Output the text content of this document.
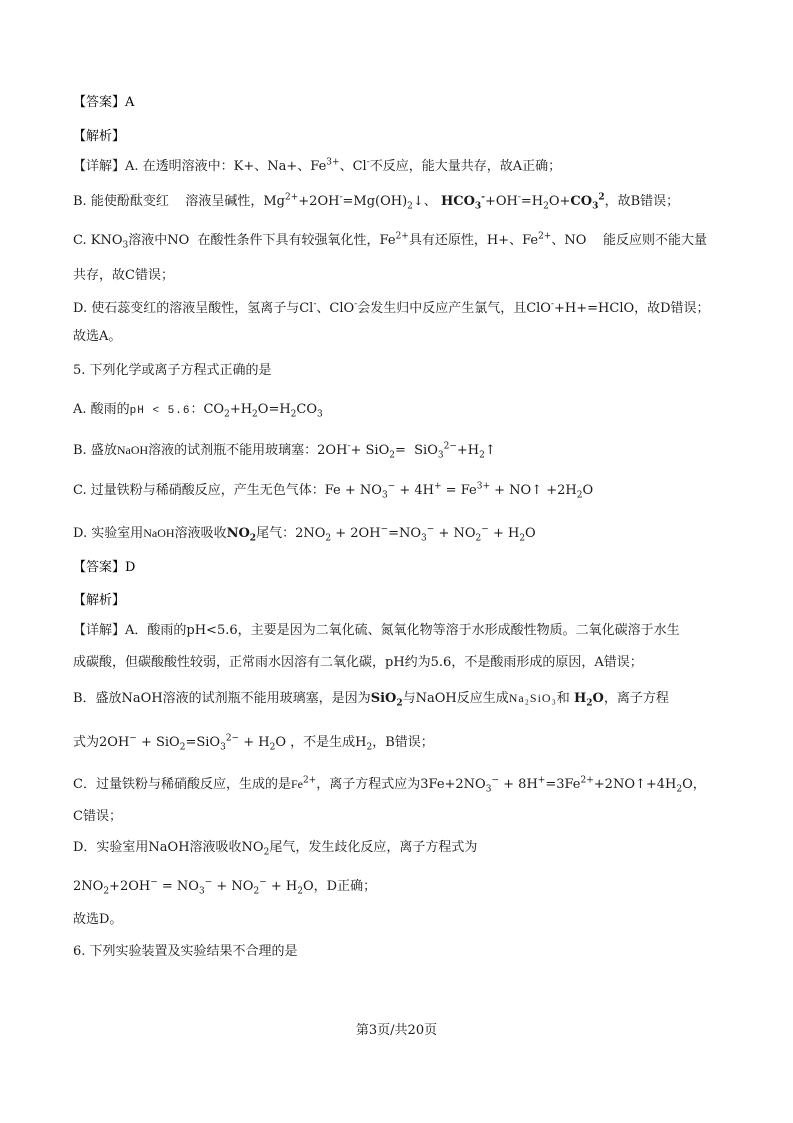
【答案】A
【解析】
【详解】A. 在透明溶液中：K+、Na+、$Fe^{3+}$、Cl-不反应，能大量共存，故A正确；
B. 能使酚酞变红 溶液呈碱性，$Mg^{2+}+2OH^-=Mg(OH)_2↓$、 $HCO_3^-+OH^-=H_2O+CO_3^2$，故B错误；
C. $KNO_3$溶液中NO 在酸性条件下具有较强氧化性，$Fe^{2+}$具有还原性，H+、$Fe^{2+}$、NO 能反应则不能大量
共存，故C错误；
D. 使石蕊变红的溶液呈酸性，氢离子与Cl-、ClO-会发生归中反应产生氯气，且ClO-+H+=HClO，故D错误；
故选A。
5. 下列化学或离子方程式正确的是
A. 酸雨的pH < 5.6：$CO_2+H_2O=H_2CO_3$
B. 盛放NaOH溶液的试剂瓶不能用玻璃塞：$2OH^-+ SiO_2= SiO_3^{2-}+H_2↑$
C. 过量铁粉与稀硝酸反应，产生无色气体：$Fe + NO_3^- + 4H^+ = Fe^{3+}$ + NO↑ $+2H_2O$
D. 实验室用NaOH溶液吸收$NO_2$尾气：$2NO_2 + 2OH^-=NO_3^- + NO_2^- + H_2O$
【答案】D
【解析】
【详解】A．酸雨的pH<5.6，主要是因为二氧化硫、氮氧化物等溶于水形成酸性物质。二氧化碳溶于水生
成碳酸，但碳酸酸性较弱，正常雨水因溶有二氧化碳，pH约为5.6，不是酸雨形成的原因，A错误；
B．盛放NaOH溶液的试剂瓶不能用玻璃塞，是因为SiO$_2$与NaOH反应生成Na₂SiO₃和 $H_2O$，离子方程
式为$2OH^- + SiO_2=SiO_3^{2-} + H_2O$ ，不是生成$H_2$，B错误；
C．过量铁粉与稀硝酸反应，生成的是$Fe^{2+}$，离子方程式应为$3Fe+2NO_3^-$ + $8H^+=3Fe^{2+}+2NO↑+4H_2O$，
C错误；
D．实验室用NaOH溶液吸收$NO_2$尾气，发生歧化反应，离子方程式为
$2NO_2+2OH^- = NO_3^- + NO_2^- + H_2O$，D正确；
故选D。
6. 下列实验装置及实验结果不合理的是
第3页/共20页
